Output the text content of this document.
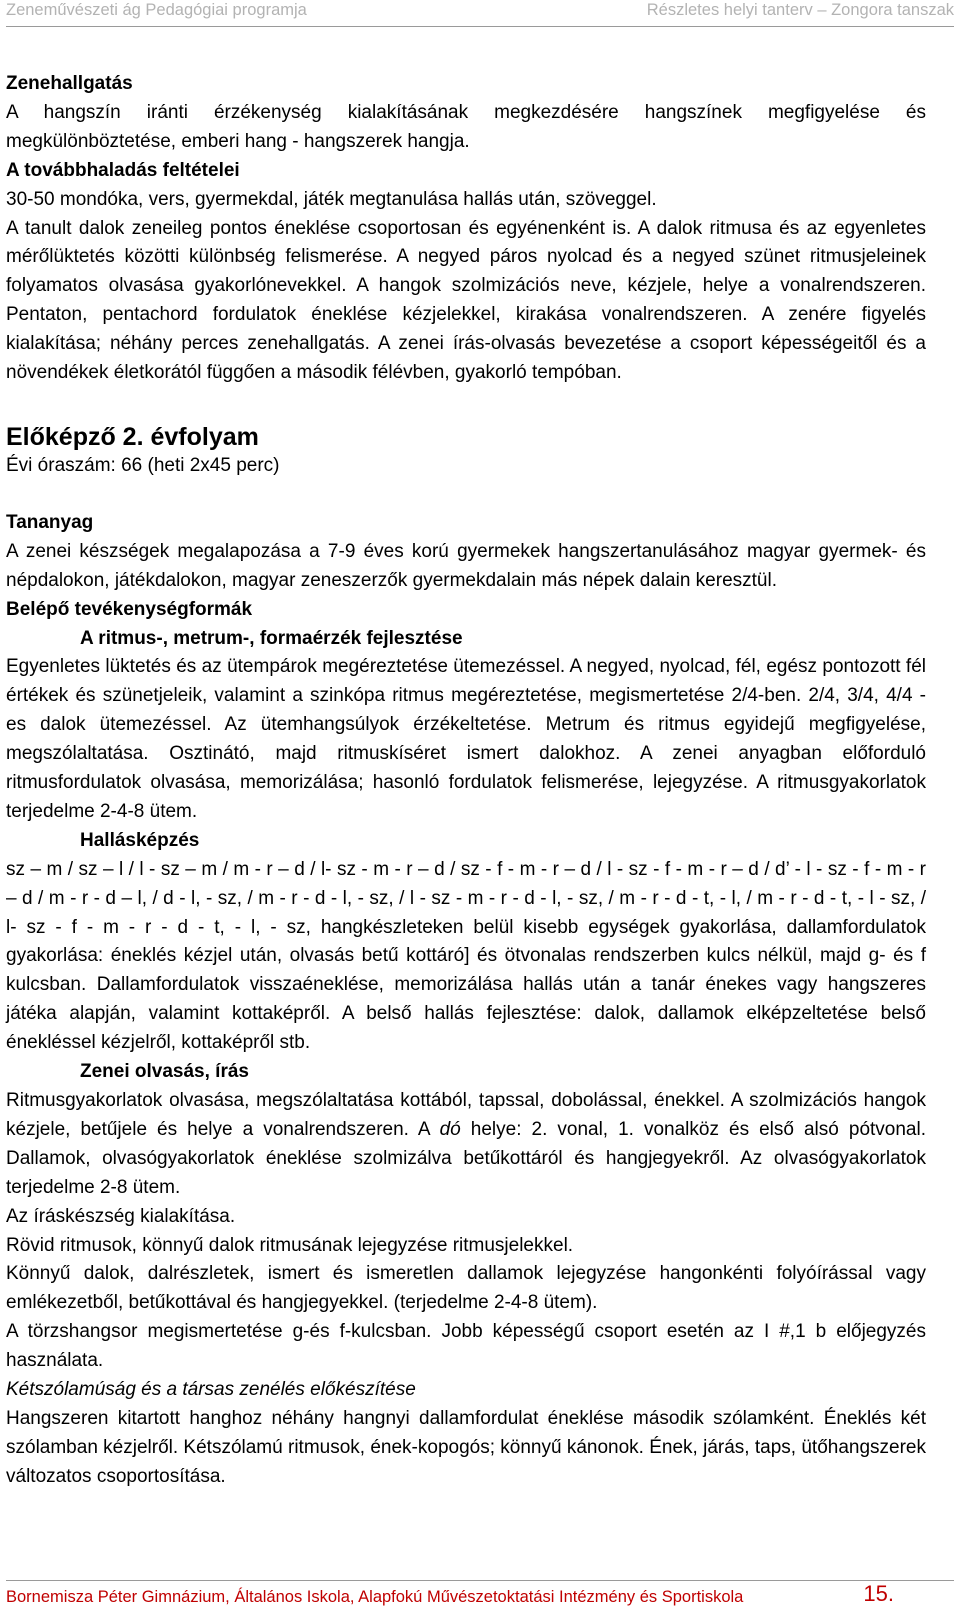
Zeneművészeti ág Pedagógiai programja	Részletes helyi tanterv – Zongora tanszak

Zenehallgatás

A hangszín iránti érzékenység kialakításának megkezdésére hangszínek megfigyelése és megkülönböztetése, emberi hang - hangszerek hangja.

A továbbhaladás feltételei

30-50 mondóka, vers, gyermekdal, játék megtanulása hallás után, szöveggel.

A tanult dalok zeneileg pontos éneklése csoportosan és egyénenként is. A dalok ritmusa és az egyenletes mérőlüktetés közötti különbség felismerése. A negyed páros nyolcad és a negyed szünet ritmusjeleinek folyamatos olvasása gyakorlónevekkel. A hangok szolmizációs neve, kézjele, helye a vonalrendszeren. Pentaton, pentachord fordulatok éneklése kézjelekkel, kirakása vonalrendszeren. A zenére figyelés kialakítása; néhány perces zenehallgatás. A zenei írás-olvasás bevezetése a csoport képességeitől és a növendékek életkorától függően a második félévben, gyakorló tempóban.

Előképző 2. évfolyam

Évi óraszám: 66 (heti 2x45 perc)

Tananyag

A zenei készségek megalapozása a 7-9 éves korú gyermekek hangszertanulásához magyar gyermek- és népdalokon, játékdalokon, magyar zeneszerzők gyermekdalain más népek dalain keresztül.

Belépő tevékenységformák

A ritmus-, metrum-, formaérzék fejlesztése

Egyenletes lüktetés és az ütempárok megéreztetése ütemezéssel. A negyed, nyolcad, fél, egész pontozott fél értékek és szünetjeleik, valamint a szinkópa ritmus megéreztetése, megismertetése 2/4-ben. 2/4, 3/4, 4/4 - es dalok ütemezéssel. Az ütemhangsúlyok érzékeltetése. Metrum és ritmus egyidejű megfigyelése, megszólaltatása. Osztinátó, majd ritmuskíséret ismert dalokhoz. A zenei anyagban előforduló ritmusfordulatok olvasása, memorizálása; hasonló fordulatok felismerése, lejegyzése. A ritmusgyakorlatok terjedelme 2-4-8 ütem.

Hallásképzés

sz – m / sz – l / l - sz – m / m - r – d / l- sz - m - r – d / sz - f - m - r – d / l - sz - f - m - r – d / d’ - l - sz - f - m - r – d / m - r - d – l, / d - l, - sz, / m - r - d - l, - sz, / l - sz - m - r - d - l, - sz, / m - r - d - t, - l, / m - r - d - t, - l - sz, / l- sz - f - m - r - d - t, - l, - sz, hangkészleteken belül kisebb egységek gyakorlása, dallamfordulatok gyakorlása: éneklés kézjel után, olvasás betű kottáró] és ötvonalas rendszerben kulcs nélkül, majd g- és f kulcsban. Dallamfordulatok visszaéneklése, memorizálása hallás után a tanár énekes vagy hangszeres játéka alapján, valamint kottaképről. A belső hallás fejlesztése: dalok, dallamok elképzeltetése belső énekléssel kézjelről, kottaképről stb.

Zenei olvasás, írás

Ritmusgyakorlatok olvasása, megszólaltatása kottából, tapssal, dobolással, énekkel. A szolmizációs hangok kézjele, betűjele és helye a vonalrendszeren. A dó helye: 2. vonal, 1. vonalköz és első alsó pótvonal. Dallamok, olvasógyakorlatok éneklése szolmizálva betűkottáról és hangjegyekről. Az olvasógyakorlatok terjedelme 2-8 ütem.

Az íráskészség kialakítása.

Rövid ritmusok, könnyű dalok ritmusának lejegyzése ritmusjelekkel.

Könnyű dalok, dalrészletek, ismert és ismeretlen dallamok lejegyzése hangonkénti folyóírással vagy emlékezetből, betűkottával és hangjegyekkel. (terjedelme 2-4-8 ütem).

A törzshangsor megismertetése g-és f-kulcsban. Jobb képességű csoport esetén az I #,1 b előjegyzés használata.

Kétszólamúság és a társas zenélés előkészítése

Hangszeren kitartott hanghoz néhány hangnyi dallamfordulat éneklése második szólamként. Éneklés két szólamban kézjelről. Kétszólamú ritmusok, ének-kopogós; könnyű kánonok. Ének, járás, taps, ütőhangszerek változatos csoportosítása.

Bornemisza Péter Gimnázium, Általános Iskola, Alapfokú Művészetoktatási Intézmény és Sportiskola	15.
